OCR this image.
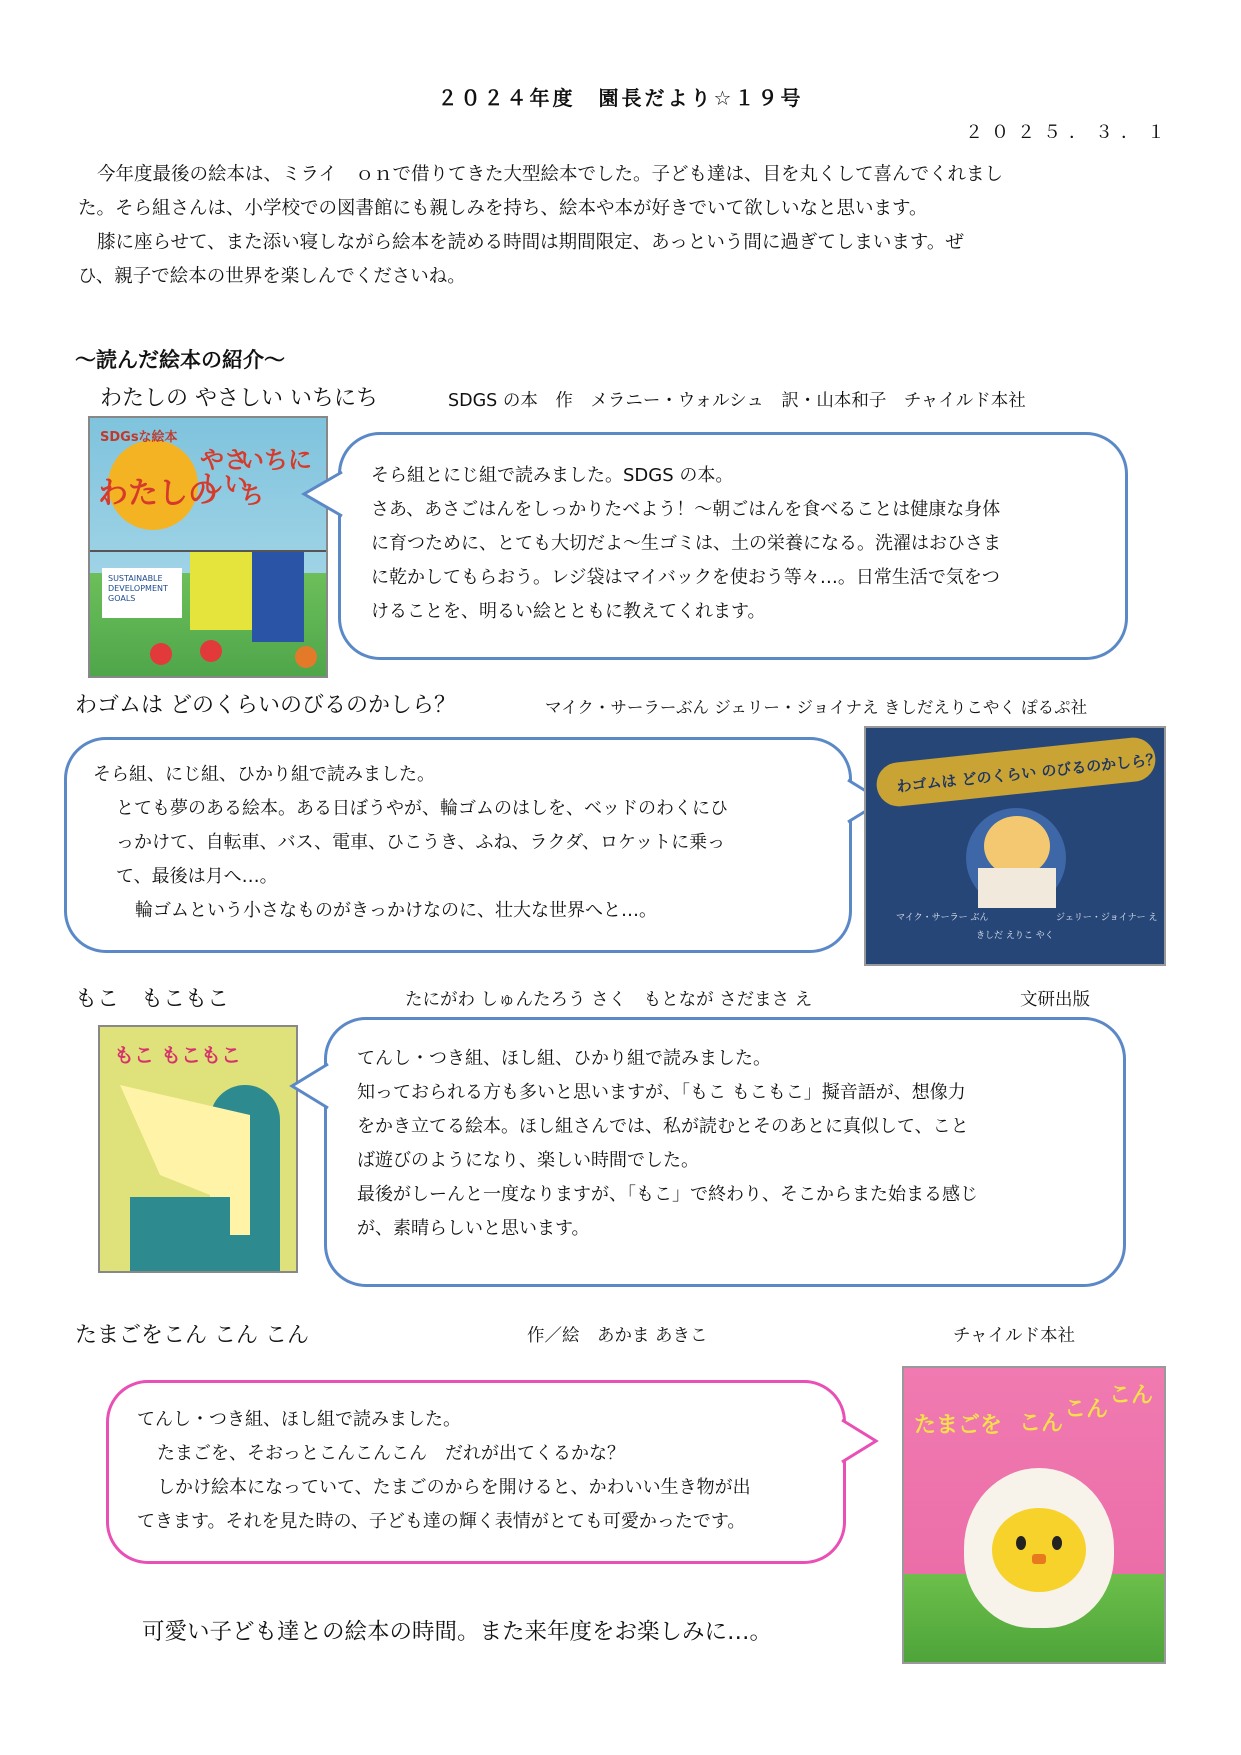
２０２４年度　園長だより☆１９号
２０２５．３．１

今年度最後の絵本は、ミライ　ｏｎで借りてきた大型絵本でした。子ども達は、目を丸くして喜んでくれまし

た。そら組さんは、小学校での図書館にも親しみを持ち、絵本や本が好きでいて欲しいなと思います。

膝に座らせて、また添い寝しながら絵本を読める時間は期間限定、あっという間に過ぎてしまいます。ぜ

ひ、親子で絵本の世界を楽しんでくださいね。
～読んだ絵本の紹介～
わたしの やさしい いちにち	SDGS の本　作　メラニー・ウォルシュ　訳・山本和子　チャイルド本社
SDGsな絵本
わたしの
やさしい
いちにち
SUSTAINABLE DEVELOPMENT GOALS
そら組とにじ組で読みました。SDGS の本。
さあ、あさごはんをしっかりたべよう！～朝ごはんを食べることは健康な身体
に育つために、とても大切だよ～生ゴミは、土の栄養になる。洗濯はおひさま
に乾かしてもらおう。レジ袋はマイバックを使おう等々…。日常生活で気をつ
けることを、明るい絵とともに教えてくれます。
わゴムは どのくらいのびるのかしら？	マイク・サーラーぶん ジェリー・ジョイナえ きしだえりこやく ぽるぷ社
そら組、にじ組、ひかり組で読みました。
とても夢のある絵本。ある日ぼうやが、輪ゴムのはしを、ベッドのわくにひ
っかけて、自転車、バス、電車、ひこうき、ふね、ラクダ、ロケットに乗っ
て、最後は月へ…。
輪ゴムという小さなものがきっかけなのに、壮大な世界へと…。
わゴムは どのくらい のびるのかしら？
マイク・サーラー ぶん	ジェリー・ジョイナー え
きしだ えりこ やく
もこ　もこもこ	たにがわ しゅんたろう さく　もとなが さだまさ え	文研出版
もこ もこもこ	てんし・つき組、ほし組、ひかり組で読みました。
知っておられる方も多いと思いますが、「もこ もこもこ」擬音語が、想像力
をかき立てる絵本。ほし組さんでは、私が読むとそのあとに真似して、こと
ば遊びのようになり、楽しい時間でした。
最後がしーんと一度なりますが、「もこ」で終わり、そこからまた始まる感じ
が、素晴らしいと思います。
たまごをこん こん こん	作／絵　あかま あきこ	チャイルド本社
てんし・つき組、ほし組で読みました。
たまごを、そおっとこんこんこん　だれが出てくるかな？
しかけ絵本になっていて、たまごのからを開けると、かわいい生き物が出
てきます。それを見た時の、子ども達の輝く表情がとても可愛かったです。
たまごを こん
こん
こん
可愛い子ども達との絵本の時間。また来年度をお楽しみに…。
